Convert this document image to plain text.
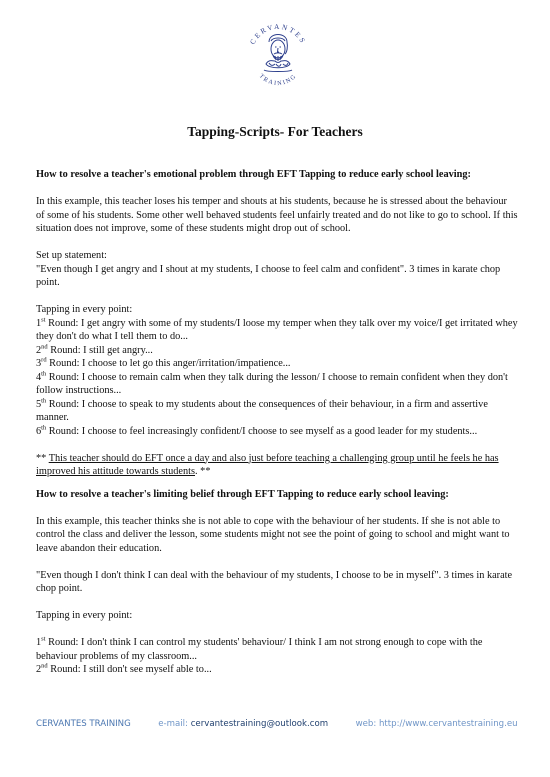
CERVANTES
TRAINING
Tapping-Scripts- For Teachers
How to resolve a teacher's emotional problem through EFT Tapping to reduce early school leaving:

In this example, this teacher loses his temper and shouts at his students, because he is stressed about the behaviour of some of his students. Some other well behaved students feel unfairly treated and do not like to go to school. If this situation does not improve, some of these students might drop out of school.

Set up statement:

"Even though I get angry and I shout at my students, I choose to feel calm and confident". 3 times in karate chop point.

Tapping in every point:

1st Round: I get angry with some of my students/I loose my temper when they talk over my voice/I get irritated whey they don't do what I tell them to do...

2nd Round: I still get angry...

3rd Round: I choose to let go this anger/irritation/impatience...

4th Round: I choose to remain calm when they talk during the lesson/ I choose to remain confident when they don't follow instructions...

5th Round: I choose to speak to my students about the consequences of their behaviour, in a firm and assertive manner.

6th Round: I choose to feel increasingly confident/I choose to see myself as a good leader for my students...

** This teacher should do EFT once a day and also just before teaching a challenging group until he feels he has improved his attitude towards students. **

How to resolve a teacher's limiting belief through EFT Tapping to reduce early school leaving:

In this example, this teacher thinks she is not able to cope with the behaviour of her students. If she is not able to control the class and deliver the lesson, some students might not see the point of going to school and might want to leave abandon their education.

"Even though I don't think I can deal with the behaviour of my students, I choose to be in myself". 3 times in karate chop point.

Tapping in every point:

1st Round: I don't think I can control my students' behaviour/ I think I am not strong enough to cope with the behaviour problems of my classroom...

2nd Round: I still don't see myself able to...

CERVANTES TRAINING	e-mail: cervantestraining@outlook.com	web: http://www.cervantestraining.eu
